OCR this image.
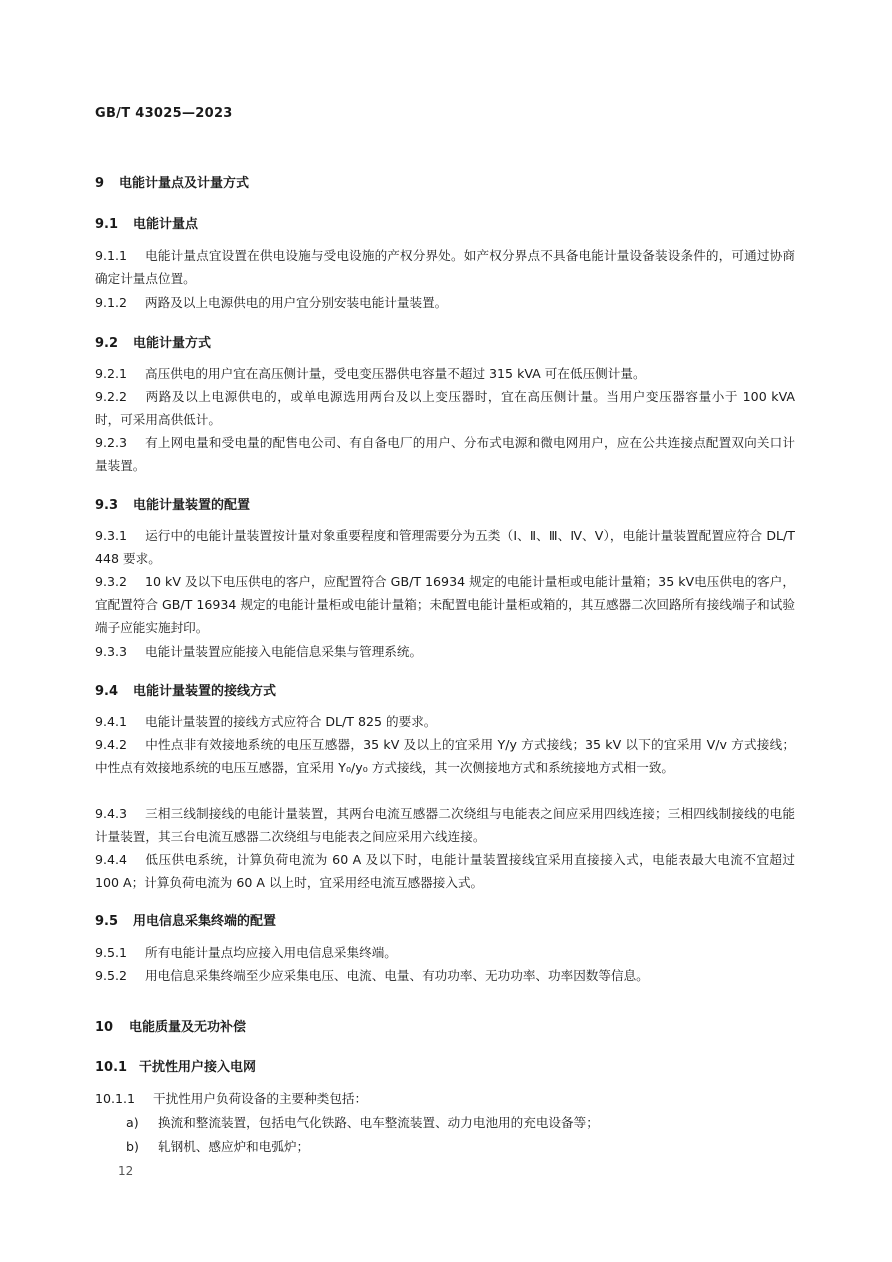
GB/T 43025—2023
9 电能计量点及计量方式
9.1 电能计量点
9.1.1 电能计量点宜设置在供电设施与受电设施的产权分界处。如产权分界点不具备电能计量设备装设条件的，可通过协商确定计量点位置。
9.1.2 两路及以上电源供电的用户宜分别安装电能计量装置。
9.2 电能计量方式
9.2.1 高压供电的用户宜在高压侧计量，受电变压器供电容量不超过 315 kVA 可在低压侧计量。
9.2.2 两路及以上电源供电的，或单电源选用两台及以上变压器时，宜在高压侧计量。当用户变压器容量小于 100 kVA 时，可采用高供低计。
9.2.3 有上网电量和受电量的配售电公司、有自备电厂的用户、分布式电源和微电网用户，应在公共连接点配置双向关口计量装置。
9.3 电能计量装置的配置
9.3.1 运行中的电能计量装置按计量对象重要程度和管理需要分为五类（Ⅰ、Ⅱ、Ⅲ、Ⅳ、Ⅴ），电能计量装置配置应符合 DL/T 448 要求。
9.3.2 10 kV 及以下电压供电的客户，应配置符合 GB/T 16934 规定的电能计量柜或电能计量箱；35 kV电压供电的客户，宜配置符合 GB/T 16934 规定的电能计量柜或电能计量箱；未配置电能计量柜或箱的，其互感器二次回路所有接线端子和试验端子应能实施封印。
9.3.3 电能计量装置应能接入电能信息采集与管理系统。
9.4 电能计量装置的接线方式
9.4.1 电能计量装置的接线方式应符合 DL/T 825 的要求。
9.4.2 中性点非有效接地系统的电压互感器，35 kV 及以上的宜采用 Y/y 方式接线；35 kV 以下的宜采用 V/v 方式接线；中性点有效接地系统的电压互感器，宜采用 Y₀/y₀ 方式接线，其一次侧接地方式和系统接地方式相一致。
9.4.3 三相三线制接线的电能计量装置，其两台电流互感器二次绕组与电能表之间应采用四线连接；三相四线制接线的电能计量装置，其三台电流互感器二次绕组与电能表之间应采用六线连接。
9.4.4 低压供电系统，计算负荷电流为 60 A 及以下时，电能计量装置接线宜采用直接接入式，电能表最大电流不宜超过 100 A；计算负荷电流为 60 A 以上时，宜采用经电流互感器接入式。
9.5 用电信息采集终端的配置
9.5.1 所有电能计量点均应接入用电信息采集终端。
9.5.2 用电信息采集终端至少应采集电压、电流、电量、有功功率、无功功率、功率因数等信息。
10 电能质量及无功补偿
10.1 干扰性用户接入电网
10.1.1 干扰性用户负荷设备的主要种类包括：
a) 换流和整流装置，包括电气化铁路、电车整流装置、动力电池用的充电设备等；
b) 轧钢机、感应炉和电弧炉；
12
